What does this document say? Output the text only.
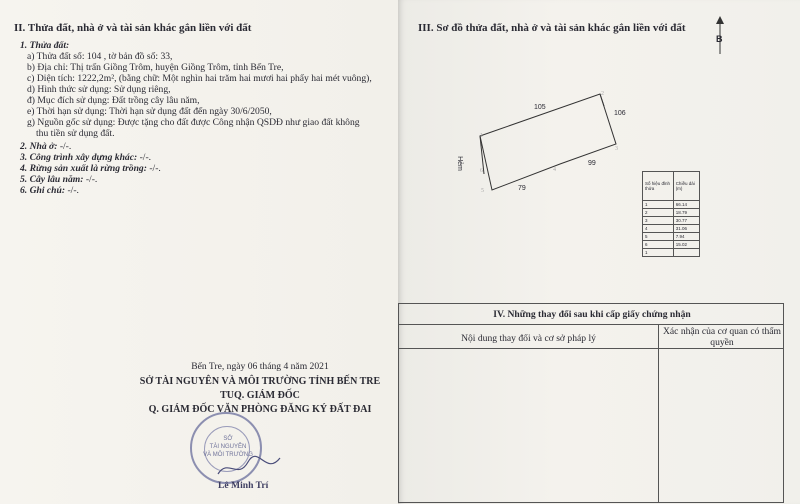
II. Thửa đất, nhà ở và tài sản khác gắn liền với đất
1. Thửa đất:
a) Thửa đất số: 104 , tờ bản đồ số: 33,
b) Địa chỉ: Thị trấn Giồng Trôm, huyện Giồng Trôm, tỉnh Bến Tre,
c) Diện tích: 1222,2m², (bằng chữ: Một nghìn hai trăm hai mươi hai phẩy hai mét vuông),
d) Hình thức sử dụng: Sử dụng riêng,
đ) Mục đích sử dụng: Đất trồng cây lâu năm,
e) Thời hạn sử dụng: Thời hạn sử dụng đất đến ngày 30/6/2050,
g) Nguồn gốc sử dụng: Được tặng cho đất được Công nhận QSDĐ như giao đất không
thu tiền sử dụng đất.
2. Nhà ở: -/-.
3. Công trình xây dựng khác: -/-.
4. Rừng sản xuất là rừng trồng: -/-.
5. Cây lâu năm: -/-.
6. Ghi chú: -/-.
Bến Tre, ngày 06 tháng 4 năm 2021
SỞ TÀI NGUYÊN VÀ MÔI TRƯỜNG TỈNH BẾN TRE
TUQ. GIÁM ĐỐC
Q. GIÁM ĐỐC VĂN PHÒNG ĐĂNG KÝ ĐẤT ĐAI
SỞ
TÀI NGUYÊN
VÀ MÔI TRƯỜNG
Lê Minh Trí
III. Sơ đồ thửa đất, nhà ở và tài sản khác gắn liền với đất
B
1
2
3
4
5
6
105
106
99
79
Hẻm
Số hiệu đỉnh thửa	Chiều dài (m)
1	66.14
2	18.79
3	30.77
4	31.06
5	7.94
6	15.02
1	
IV. Những thay đổi sau khi cấp giấy chứng nhận
Nội dung thay đổi và cơ sở pháp lý
Xác nhận của cơ quan có thẩm quyền
